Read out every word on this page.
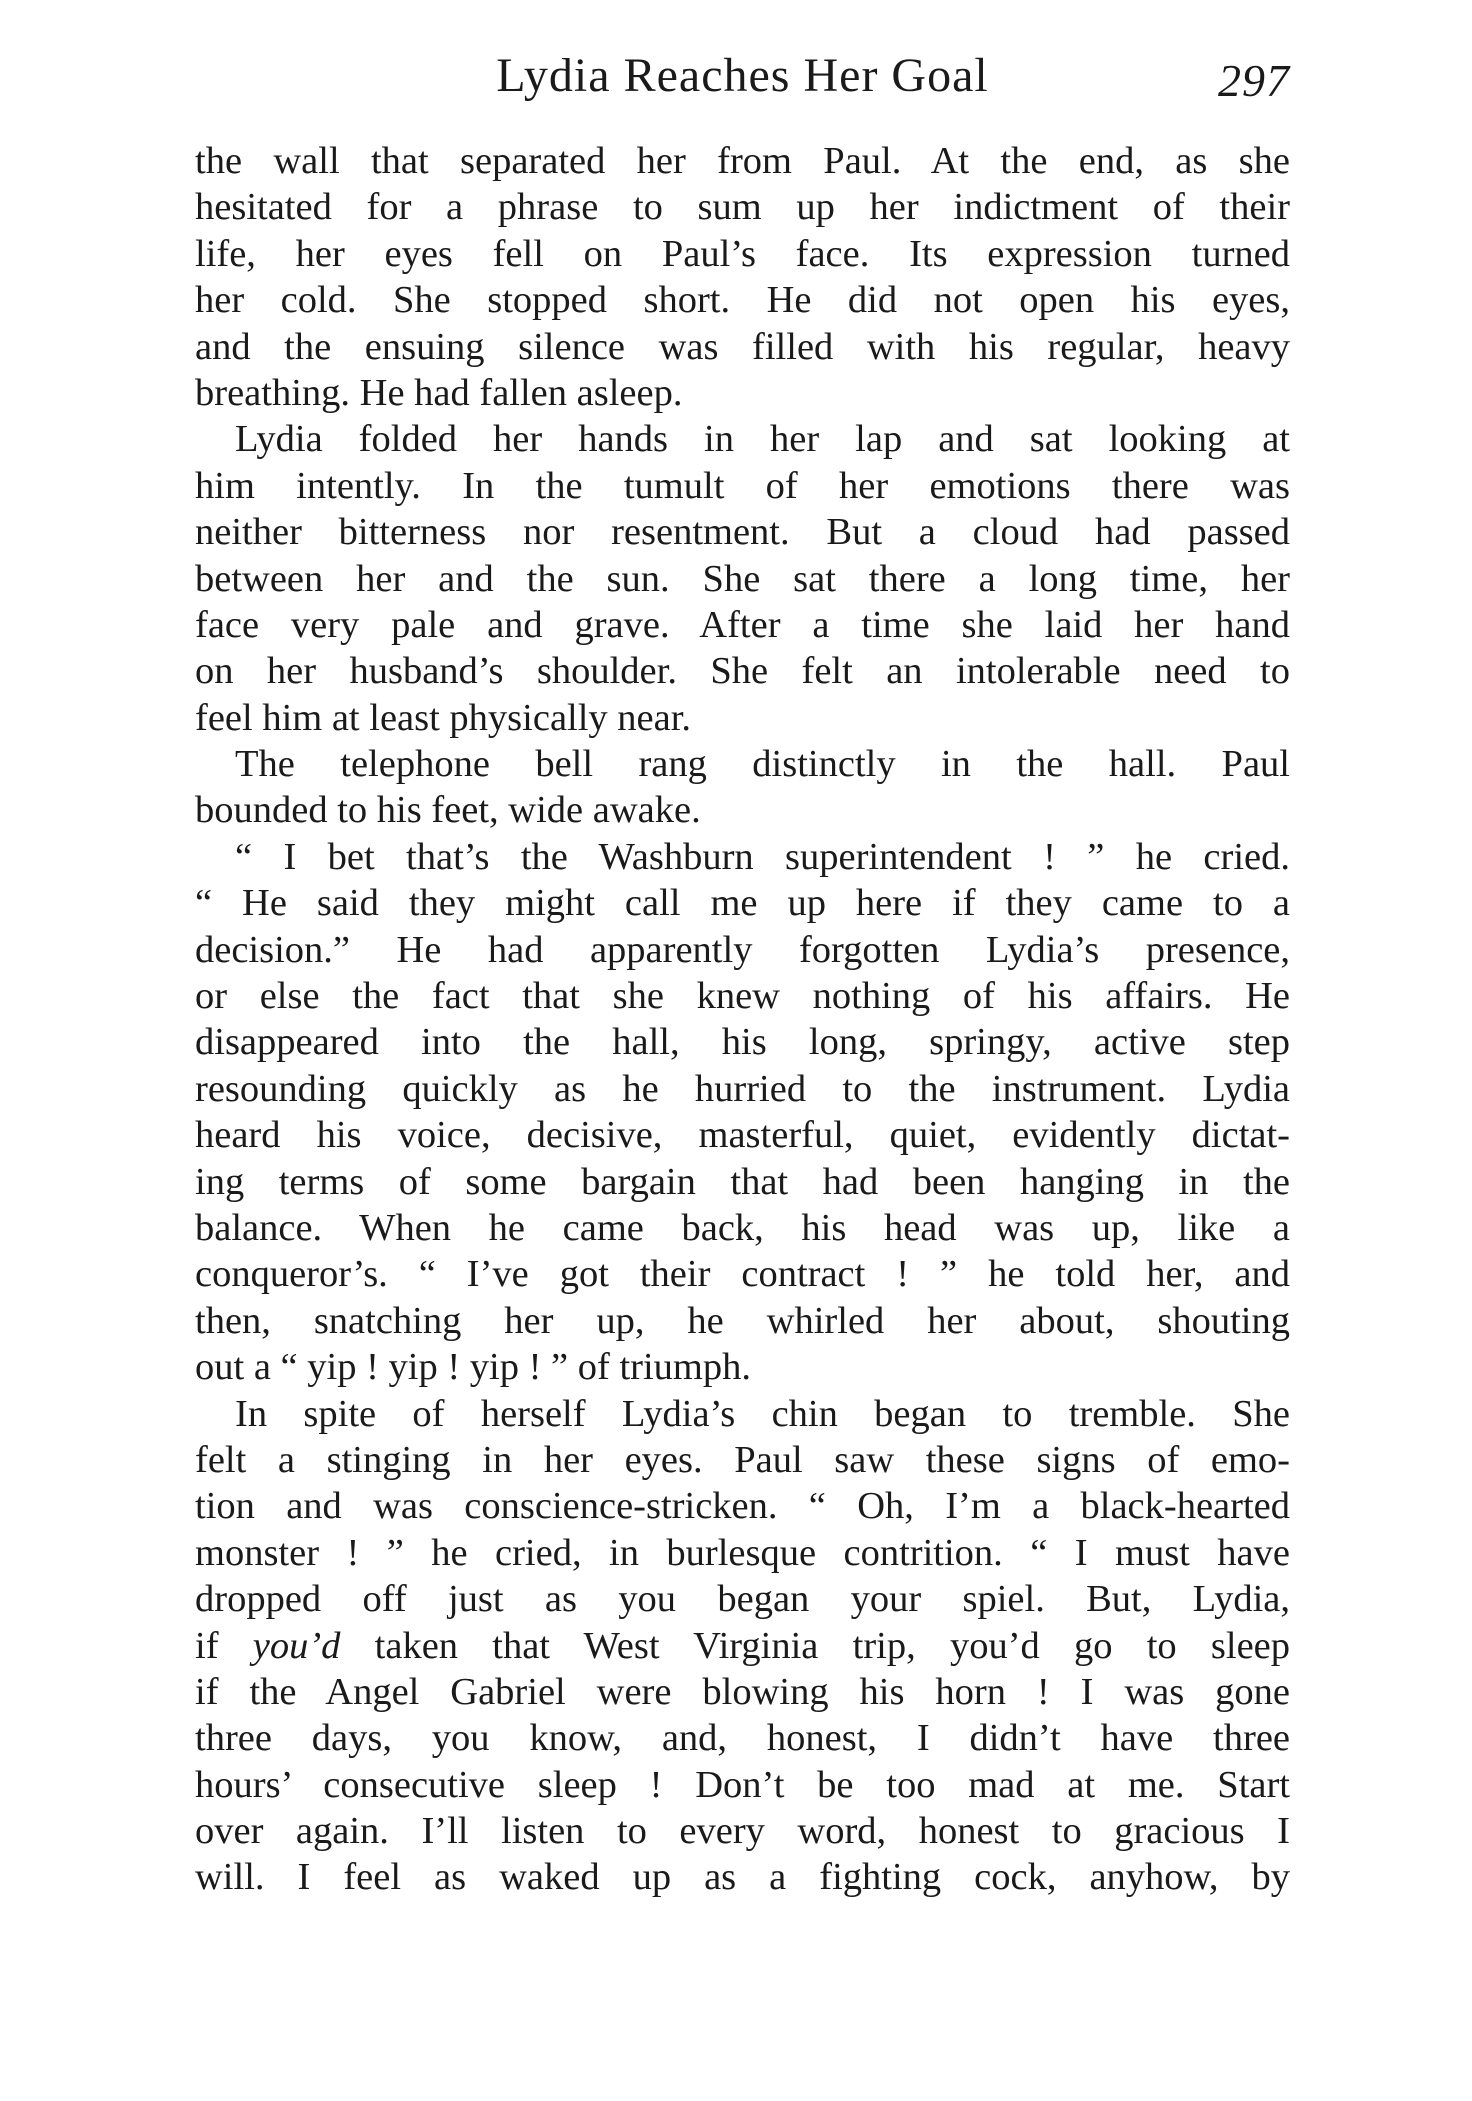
Lydia Reaches Her Goal	297
the wall that separated her from Paul. At the end, as she
hesitated for a phrase to sum up her indictment of their
life, her eyes fell on Paul’s face. Its expression turned
her cold. She stopped short. He did not open his eyes,
and the ensuing silence was filled with his regular, heavy
breathing. He had fallen asleep.
Lydia folded her hands in her lap and sat looking at
him intently. In the tumult of her emotions there was
neither bitterness nor resentment. But a cloud had passed
between her and the sun. She sat there a long time, her
face very pale and grave. After a time she laid her hand
on her husband’s shoulder. She felt an intolerable need to
feel him at least physically near.
The telephone bell rang distinctly in the hall. Paul
bounded to his feet, wide awake.
“ I bet that’s the Washburn superintendent ! ” he cried.
“ He said they might call me up here if they came to a
decision.” He had apparently forgotten Lydia’s presence,
or else the fact that she knew nothing of his affairs. He
disappeared into the hall, his long, springy, active step
resounding quickly as he hurried to the instrument. Lydia
heard his voice, decisive, masterful, quiet, evidently dictat-
ing terms of some bargain that had been hanging in the
balance. When he came back, his head was up, like a
conqueror’s. “ I’ve got their contract ! ” he told her, and
then, snatching her up, he whirled her about, shouting
out a “ yip ! yip ! yip ! ” of triumph.
In spite of herself Lydia’s chin began to tremble. She
felt a stinging in her eyes. Paul saw these signs of emo-
tion and was conscience-stricken. “ Oh, I’m a black-hearted
monster ! ” he cried, in burlesque contrition. “ I must have
dropped off just as you began your spiel. But, Lydia,
if you’d taken that West Virginia trip, you’d go to sleep
if the Angel Gabriel were blowing his horn ! I was gone
three days, you know, and, honest, I didn’t have three
hours’ consecutive sleep ! Don’t be too mad at me. Start
over again. I’ll listen to every word, honest to gracious I
will. I feel as waked up as a fighting cock, anyhow, by
